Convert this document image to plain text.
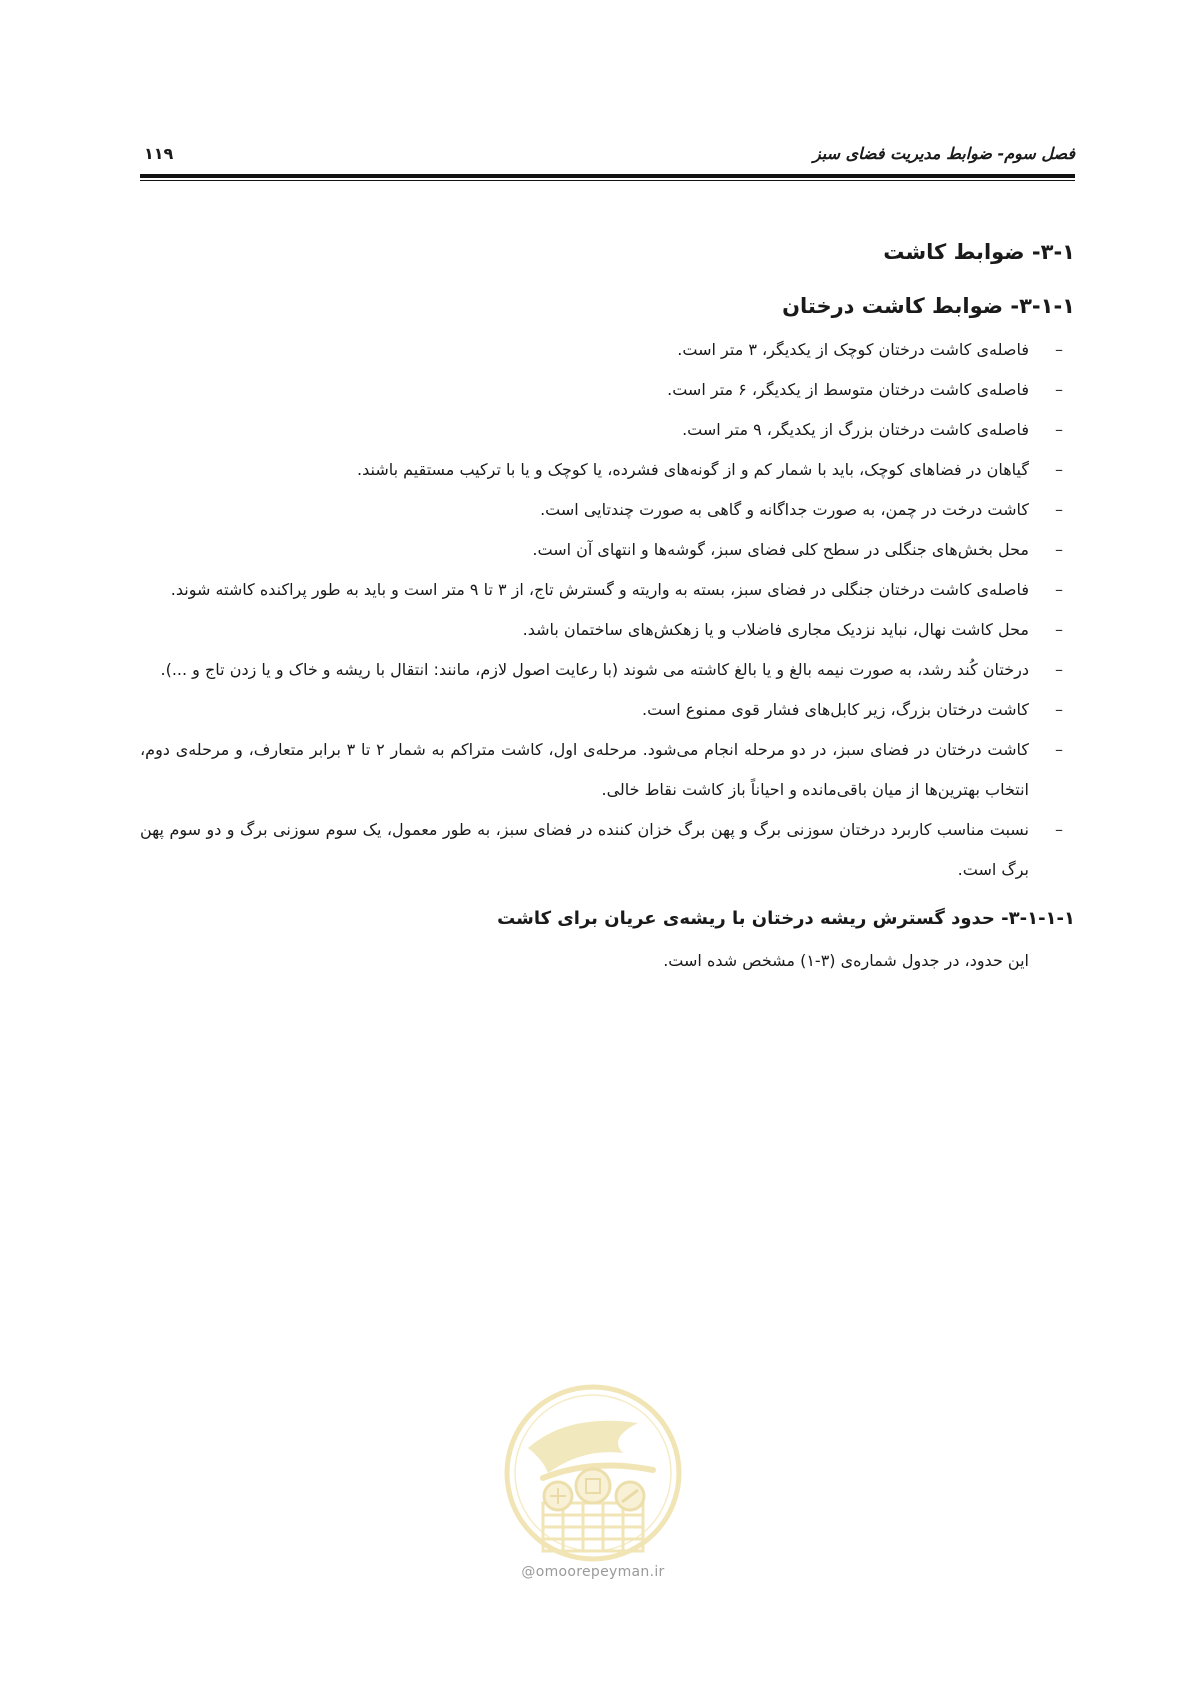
فصل سوم- ضوابط مدیریت فضای سبز
۱۱۹
۳-۱- ضوابط کاشت
۳-۱-۱- ضوابط کاشت درختان
– فاصله‌ی کاشت درختان کوچک از یکدیگر، ۳ متر است.
– فاصله‌ی کاشت درختان متوسط از یکدیگر، ۶ متر است.
– فاصله‌ی کاشت درختان بزرگ از یکدیگر، ۹ متر است.
– گیاهان در فضاهای کوچک، باید با شمار کم و از گونه‌های فشرده، یا کوچک و یا با ترکیب مستقیم باشند.
– کاشت درخت در چمن، به صورت جداگانه و گاهی به صورت چندتایی است.
– محل بخش‌های جنگلی در سطح کلی فضای سبز، گوشه‌ها و انتهای آن است.
– فاصله‌ی کاشت درختان جنگلی در فضای سبز، بسته به واریته و گسترش تاج، از ۳ تا ۹ متر است و باید به طور پراکنده کاشته شوند.
– محل کاشت نهال، نباید نزدیک مجاری فاضلاب و یا زهکش‌های ساختمان باشد.
– درختان کُند رشد، به صورت نیمه بالغ و یا بالغ کاشته می شوند (با رعایت اصول لازم، مانند: انتقال با ریشه و خاک و یا زدن تاج و ...).
– کاشت درختان بزرگ، زیر کابل‌های فشار قوی ممنوع است.
– کاشت درختان در فضای سبز، در دو مرحله انجام می‌شود. مرحله‌ی اول، کاشت متراکم به شمار ۲ تا ۳ برابر متعارف، و مرحله‌ی دوم، انتخاب بهترین‌ها از میان باقی‌مانده و احیاناً باز کاشت نقاط خالی.
– نسبت مناسب کاربرد درختان سوزنی برگ و پهن برگ خزان کننده در فضای سبز، به طور معمول، یک سوم سوزنی برگ و دو سوم پهن برگ است.
۳-۱-۱-۱- حدود گسترش ریشه درختان با ریشه‌ی عریان برای کاشت

این حدود، در جدول شماره‌ی (۳-۱) مشخص شده است.

@omoorepeyman.ir
